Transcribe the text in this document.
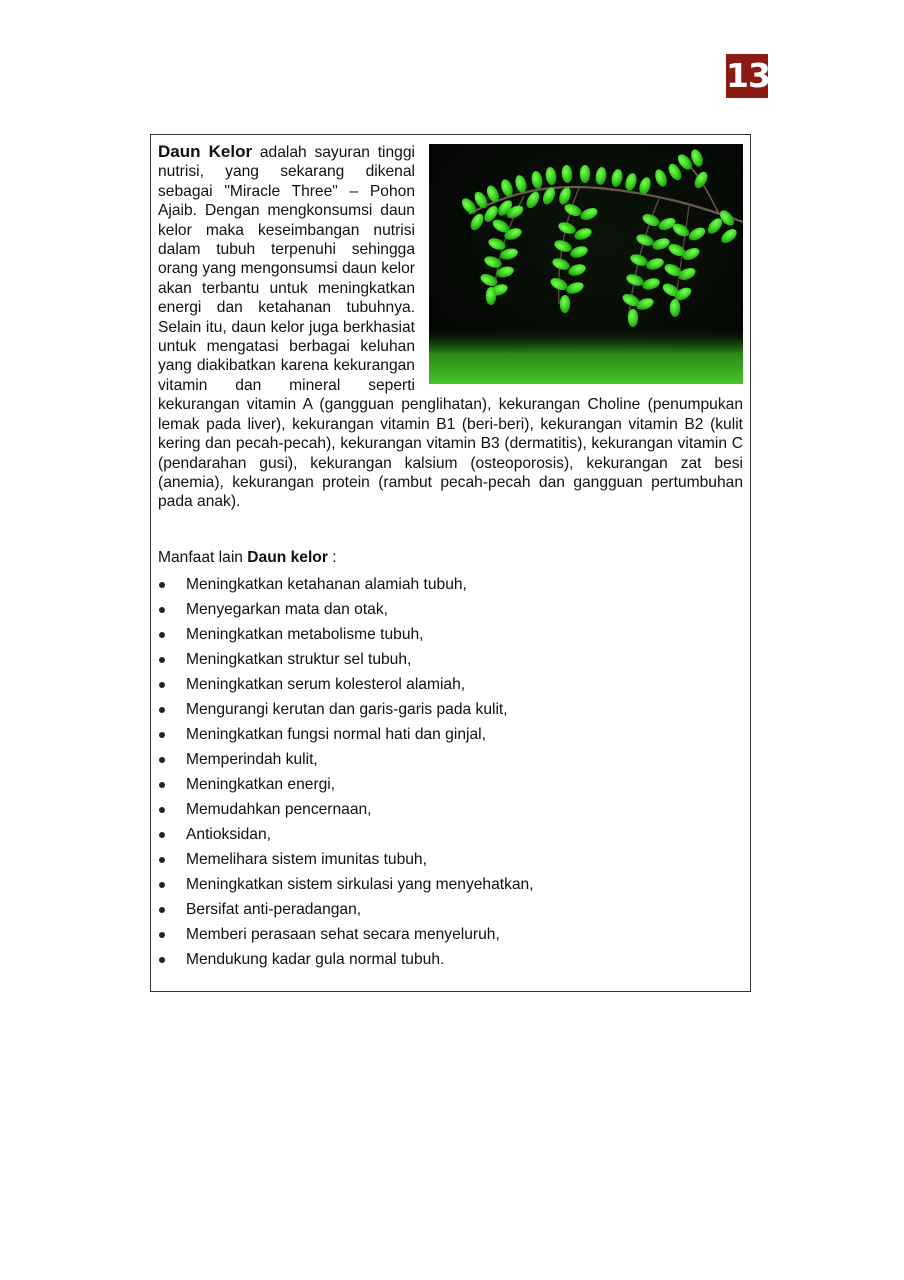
13

Daun Kelor adalah sayuran tinggi nutrisi, yang sekarang dikenal sebagai "Miracle Three" – Pohon Ajaib. Dengan mengkonsumsi daun kelor maka keseimbangan nutrisi dalam tubuh terpenuhi sehingga orang yang mengonsumsi daun kelor akan terbantu untuk meningkatkan energi dan ketahanan tubuhnya. Selain itu, daun kelor juga berkhasiat untuk mengatasi berbagai keluhan yang diakibatkan karena kekurangan vitamin dan mineral seperti kekurangan vitamin A (gangguan penglihatan), kekurangan Choline (penumpukan lemak pada liver), kekurangan vitamin B1 (beri-beri), kekurangan vitamin B2 (kulit kering dan pecah-pecah), kekurangan vitamin B3 (dermatitis), kekurangan vitamin C (pendarahan gusi), kekurangan kalsium (osteoporosis), kekurangan zat besi (anemia), kekurangan protein (rambut pecah-pecah dan gangguan pertumbuhan pada anak).

Manfaat lain Daun kelor :

Meningkatkan ketahanan alamiah tubuh,
Menyegarkan mata dan otak,
Meningkatkan metabolisme tubuh,
Meningkatkan struktur sel tubuh,
Meningkatkan serum kolesterol alamiah,
Mengurangi kerutan dan garis-garis pada kulit,
Meningkatkan fungsi normal hati dan ginjal,
Memperindah kulit,
Meningkatkan energi,
Memudahkan pencernaan,
Antioksidan,
Memelihara sistem imunitas tubuh,
Meningkatkan sistem sirkulasi yang menyehatkan,
Bersifat anti-peradangan,
Memberi perasaan sehat secara menyeluruh,
Mendukung kadar gula normal tubuh.
